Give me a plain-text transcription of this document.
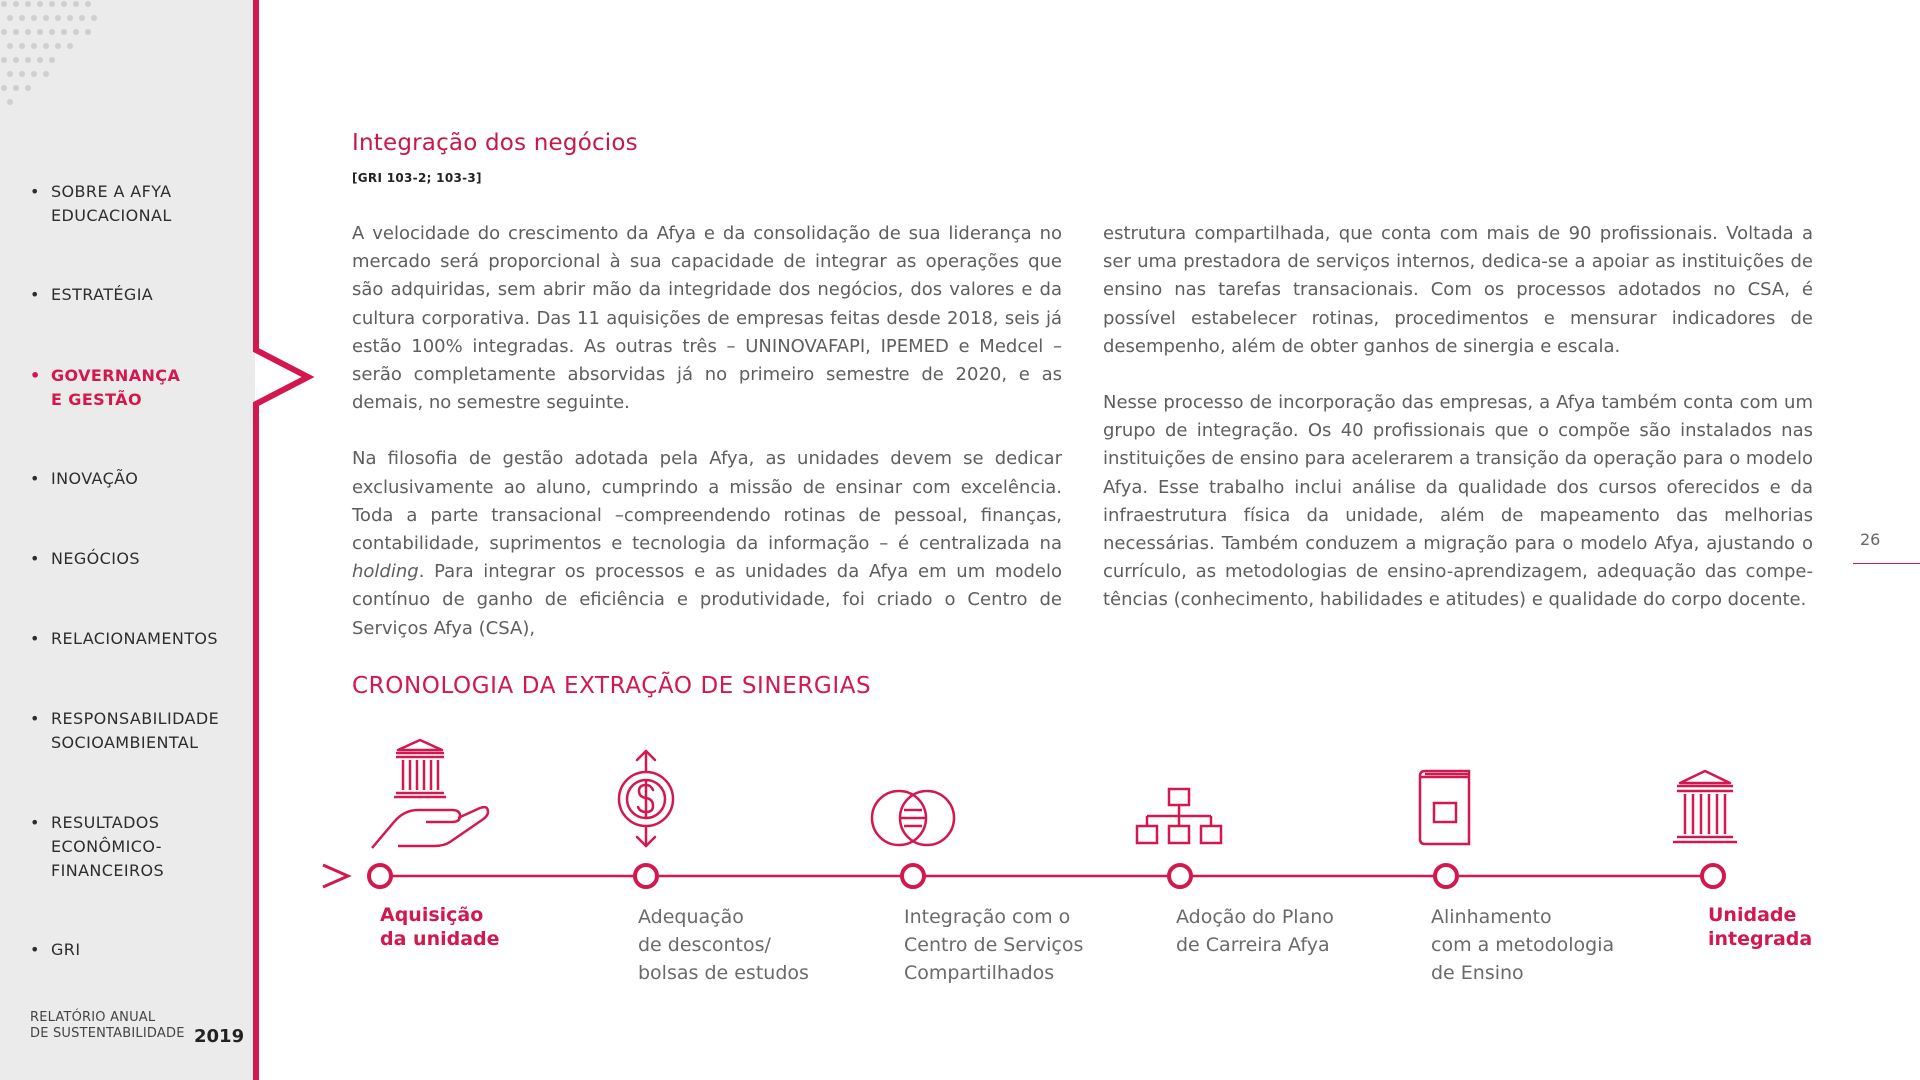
• SOBRE A AFYA
EDUCACIONAL
• ESTRATÉGIA
• GOVERNANÇA
E GESTÃO
• INOVAÇÃO
• NEGÓCIOS
• RELACIONAMENTOS
• RESPONSABILIDADE
SOCIOAMBIENTAL
• RESULTADOS
ECONÔMICO-
FINANCEIROS
• GRI
RELATÓRIO ANUAL
DE SUSTENTABILIDADE 2019
Integração dos negócios
[GRI 103-2; 103-3]

A velocidade do crescimento da Afya e da consolidação de sua liderança no mercado será proporcional à sua capacidade de integrar as operações que são adquiridas, sem abrir mão da integridade dos negócios, dos valores e da cultura corporativa. Das 11 aquisições de empresas feitas desde 2018, seis já estão 100% integradas. As outras três – UNINOVAFAPI, IPEMED e Medcel – serão completamente absorvidas já no primeiro semestre de 2020, e as demais, no semestre seguinte.

Na filosofia de gestão adotada pela Afya, as unidades devem se dedicar exclusivamente ao aluno, cumprindo a missão de ensinar com excelência. Toda a parte transacional –compreendendo rotinas de pessoal, finanças, contabilidade, suprimentos e tecnologia da informação – é centralizada na holding. Para integrar os processos e as unidades da Afya em um modelo contínuo de ganho de eficiência e produtividade, foi criado o Centro de Serviços Afya (CSA),

estrutura compartilhada, que conta com mais de 90 profissionais. Voltada a ser uma prestadora de serviços internos, dedica-se a apoiar as instituições de ensino nas tarefas transacionais. Com os processos adotados no CSA, é possível estabelecer rotinas, procedimentos e mensurar indicadores de desempenho, além de obter ganhos de sinergia e escala.

Nesse processo de incorporação das empresas, a Afya também conta com um grupo de integração. Os 40 profissionais que o compõe são instalados nas instituições de ensino para acelerarem a transição da operação para o modelo Afya. Esse trabalho inclui análise da qualidade dos cursos oferecidos e da infraestrutura física da unidade, além de mapeamento das melhorias necessárias. Também conduzem a migração para o modelo Afya, ajustando o currículo, as metodologias de ensino-aprendizagem, adequação das competências (conhecimento, habilidades e atitudes) e qualidade do corpo docente.

26
CRONOLOGIA DA EXTRAÇÃO DE SINERGIAS
Aquisição
da unidade
Adequação
de descontos/
bolsas de estudos
Integração com o
Centro de Serviços
Compartilhados
Adoção do Plano
de Carreira Afya
Alinhamento
com a metodologia
de Ensino
Unidade
integrada
